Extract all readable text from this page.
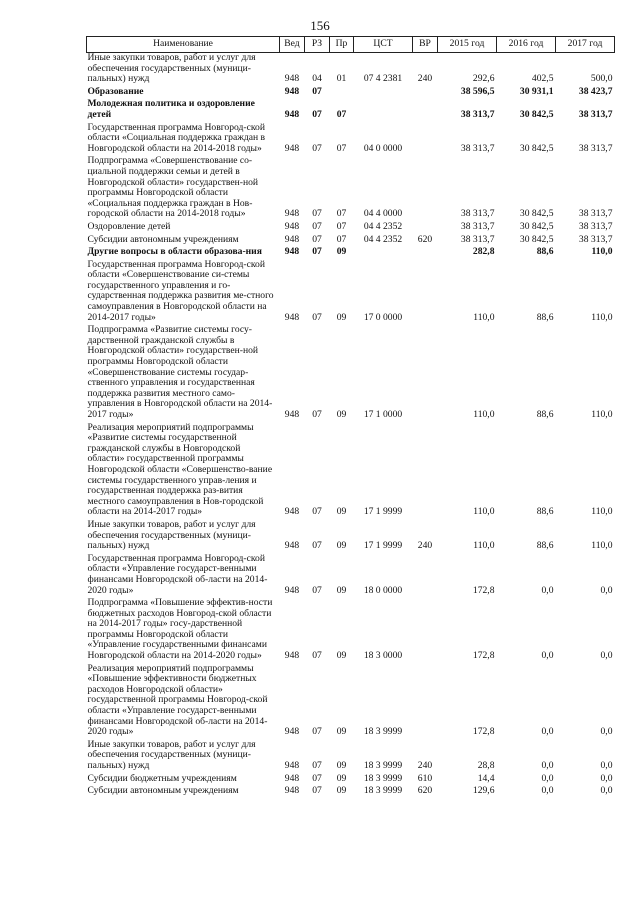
156
Наименование	Вед	РЗ	Пр	ЦСТ	ВР	2015 год	2016 год	2017 год
Иные закупки товаров, работ и услуг для обеспечения государственных (муници-пальных) нужд	948	04	01	07 4 2381	240	292,6	402,5	500,0
Образование	948	07				38 596,5	30 931,1	38 423,7
Молодежная политика и оздоровление детей	948	07	07			38 313,7	30 842,5	38 313,7
Государственная программа Новгород-ской области «Социальная поддержка граждан в Новгородской области на 2014-2018 годы»	948	07	07	04 0 0000		38 313,7	30 842,5	38 313,7
Подпрограмма «Совершенствование со-циальной поддержки семьи и детей в Новгородской области» государствен-ной программы Новгородской области «Социальная поддержка граждан в Нов-городской области на 2014-2018 годы»	948	07	07	04 4 0000		38 313,7	30 842,5	38 313,7
Оздоровление детей	948	07	07	04 4 2352		38 313,7	30 842,5	38 313,7
Субсидии автономным учреждениям	948	07	07	04 4 2352	620	38 313,7	30 842,5	38 313,7
Другие вопросы в области образова-ния	948	07	09			282,8	88,6	110,0
Государственная программа Новгород-ской области «Совершенствование си-стемы государственного управления и го-сударственная поддержка развития ме-стного самоуправления в Новгородской области на 2014-2017 годы»	948	07	09	17 0 0000		110,0	88,6	110,0
Подпрограмма «Развитие системы госу-дарственной гражданской службы в Новгородской области» государствен-ной программы Новгородской области «Совершенствование системы государ-ственного управления и государственная поддержка развития местного само-управления в Новгородской области на 2014-2017 годы»	948	07	09	17 1 0000		110,0	88,6	110,0
Реализация мероприятий подпрограммы «Развитие системы государственной гражданской службы в Новгородской области» государственной программы Новгородской области «Совершенство-вание системы государственного управ-ления и государственная поддержка раз-вития местного самоуправления в Нов-городской области на 2014-2017 годы»	948	07	09	17 1 9999		110,0	88,6	110,0
Иные закупки товаров, работ и услуг для обеспечения государственных (муници-пальных) нужд	948	07	09	17 1 9999	240	110,0	88,6	110,0
Государственная программа Новгород-ской области «Управление государст-венными финансами Новгородской об-ласти на 2014-2020 годы»	948	07	09	18 0 0000		172,8	0,0	0,0
Подпрограмма «Повышение эффектив-ности бюджетных расходов Новгород-ской области на 2014-2017 годы» госу-дарственной программы Новгородской области «Управление государственными финансами Новгородской области на 2014-2020 годы»	948	07	09	18 3 0000		172,8	0,0	0,0
Реализация мероприятий подпрограммы «Повышение эффективности бюджетных расходов Новгородской области» государственной программы Новгород-ской области «Управление государст-венными финансами Новгородской об-ласти на 2014-2020 годы»	948	07	09	18 3 9999		172,8	0,0	0,0
Иные закупки товаров, работ и услуг для обеспечения государственных (муници-пальных) нужд	948	07	09	18 3 9999	240	28,8	0,0	0,0
Субсидии бюджетным учреждениям	948	07	09	18 3 9999	610	14,4	0,0	0,0
Субсидии автономным учреждениям	948	07	09	18 3 9999	620	129,6	0,0	0,0
